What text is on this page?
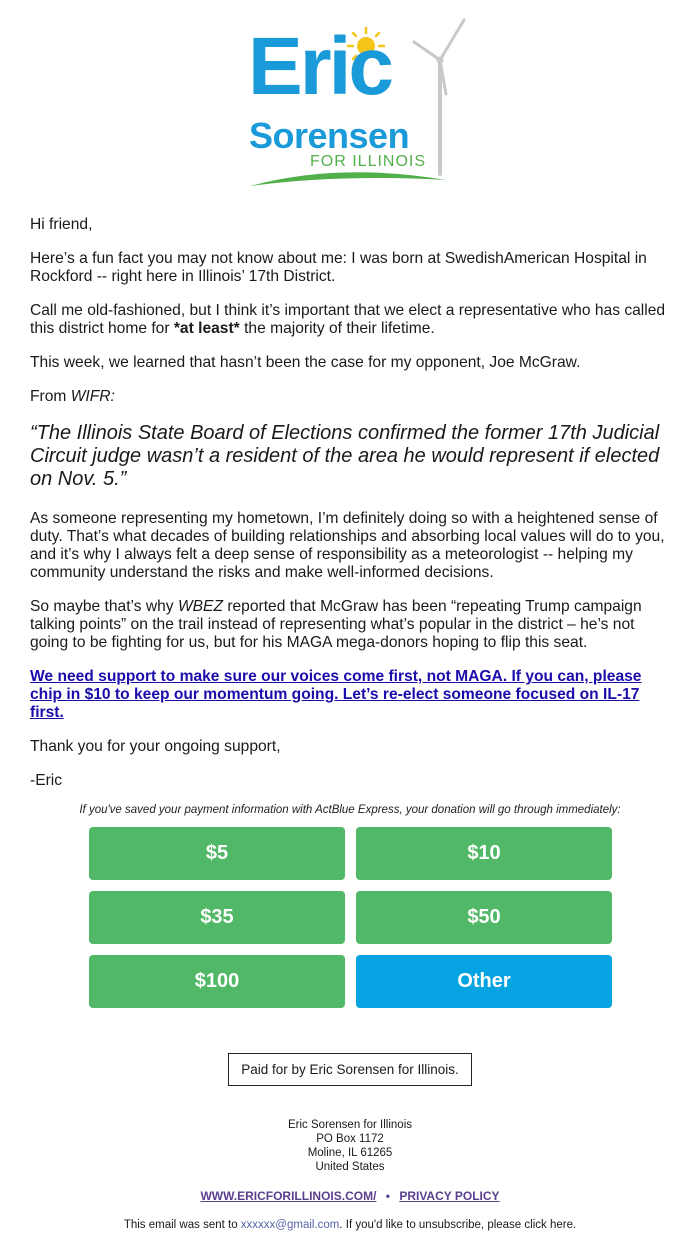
Eric
Sorensen
FOR ILLINOIS

Hi friend,

Here’s a fun fact you may not know about me: I was born at SwedishAmerican Hospital in Rockford -- right here in Illinois’ 17th District.

Call me old-fashioned, but I think it’s important that we elect a representative who has called this district home for *at least* the majority of their lifetime.

This week, we learned that hasn’t been the case for my opponent, Joe McGraw.

From WIFR:

“The Illinois State Board of Elections confirmed the former 17th Judicial Circuit judge wasn’t a resident of the area he would represent if elected on Nov. 5.”

As someone representing my hometown, I’m definitely doing so with a heightened sense of duty. That’s what decades of building relationships and absorbing local values will do to you, and it’s why I always felt a deep sense of responsibility as a meteorologist -- helping my community understand the risks and make well-informed decisions.

So maybe that’s why WBEZ reported that McGraw has been “repeating Trump campaign talking points” on the trail instead of representing what’s popular in the district – he’s not going to be fighting for us, but for his MAGA mega-donors hoping to flip this seat.

We need support to make sure our voices come first, not MAGA. If you can, please chip in $10 to keep our momentum going. Let’s re-elect someone focused on IL-17 first.

Thank you for your ongoing support,

-Eric

If you've saved your payment information with ActBlue Express, your donation will go through immediately:
$5	$10
$35	$50
$100	Other
Paid for by Eric Sorensen for Illinois.
Eric Sorensen for Illinois
PO Box 1172
Moline, IL 61265
United States
WWW.ERICFORILLINOIS.COM/ • PRIVACY POLICY
This email was sent to xxxxxx@gmail.com. If you'd like to unsubscribe, please click here.
